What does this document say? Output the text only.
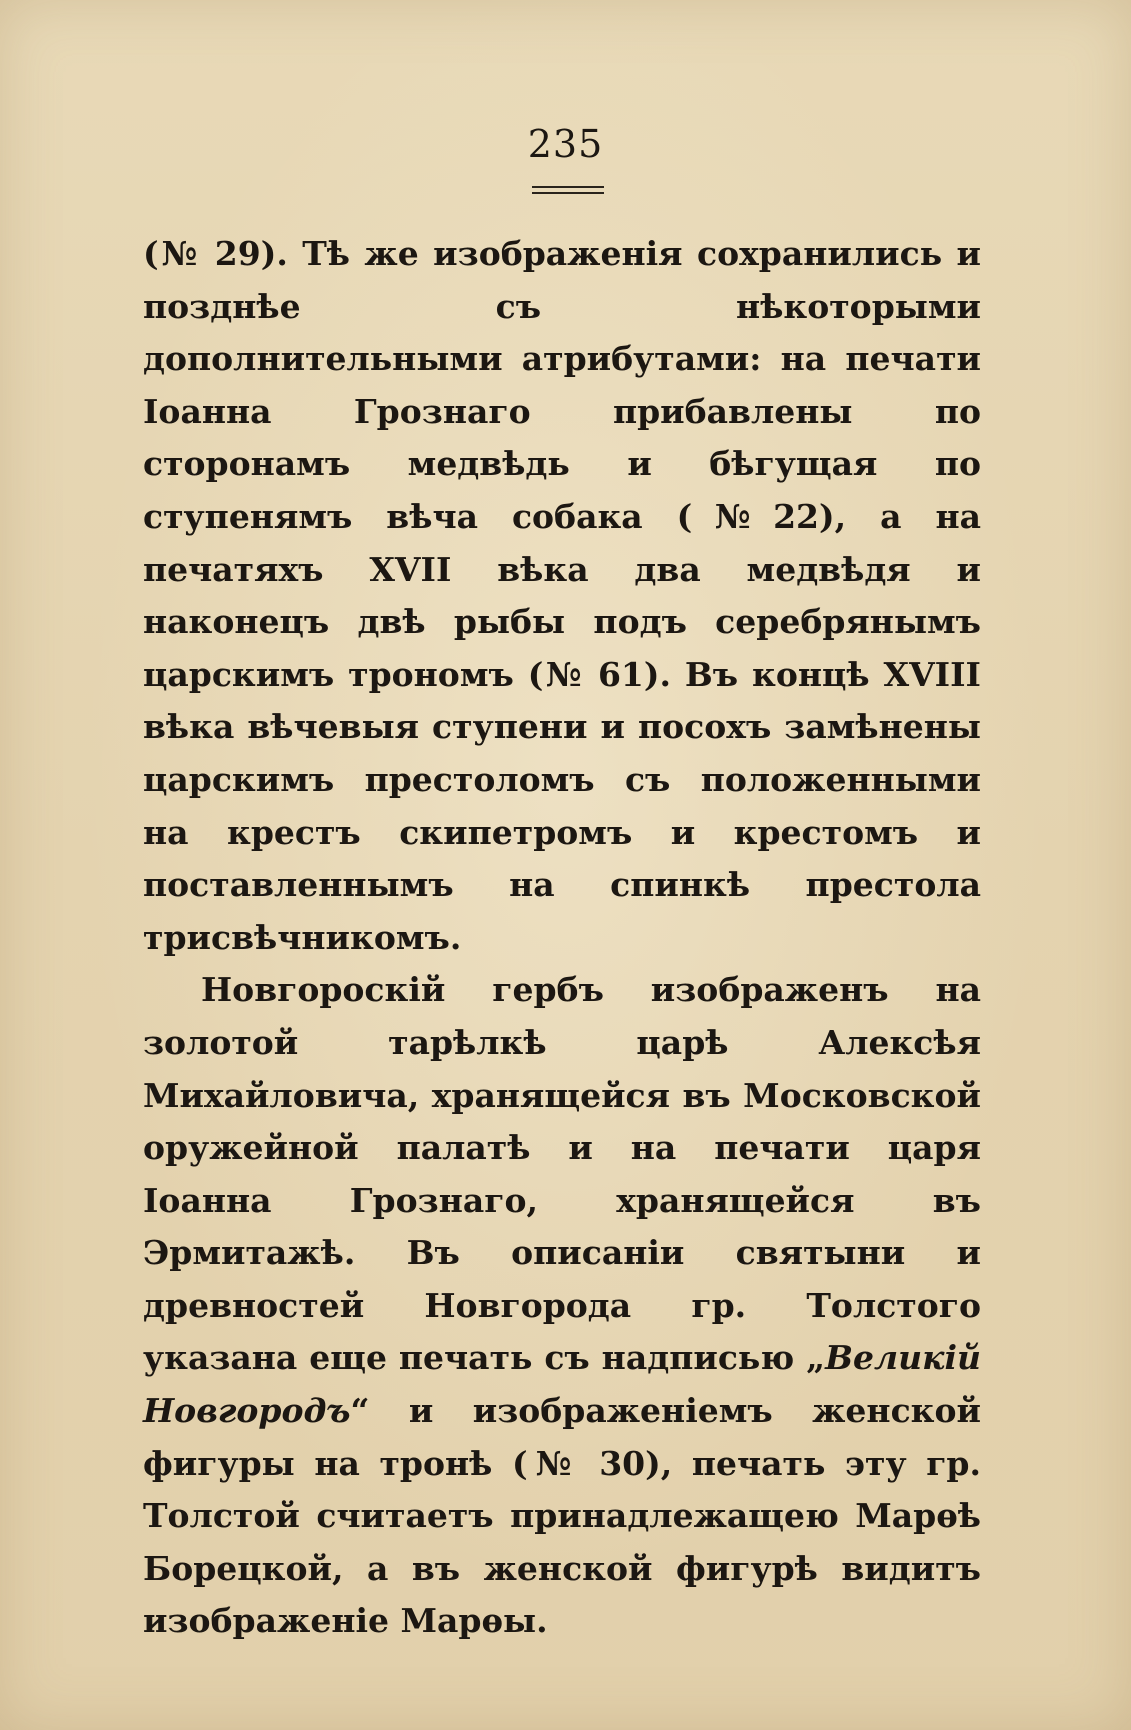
235

(№ 29). Тѣ же изображенія сохранились и позднѣе съ нѣкоторыми дополнительными атрибутами: на печати Іоанна Грознаго прибавлены по сторонамъ медвѣдь и бѣгущая по ступенямъ вѣча собака (№22), а на печатяхъ XVII вѣка два медвѣдя и наконецъ двѣ рыбы подъ серебрянымъ царскимъ трономъ (№ 61). Въ концѣ XVIII вѣка вѣчевыя ступени и посохъ замѣнены царскимъ престоломъ съ положенными на крестъ скипетромъ и крестомъ и поставленнымъ на спинкѣ престола трисвѣчникомъ.

Новгороскій гербъ изображенъ на золотой тарѣлкѣ царѣ Алексѣя Михайловича, хранящейся въ Московской оружейной палатѣ и на печати царя Іоанна Грознаго, хранящейся въ Эрмитажѣ. Въ описаніи святыни и древностей Новгорода гр. Толстого указана еще печать съ надписью „Великій Новгородъ“ и изображеніемъ женской фигуры на тронѣ (№ 30), печать эту гр. Толстой считаетъ принадлежащею Марѳѣ Борецкой, а въ женской фигурѣ видитъ изображеніе Марѳы.
